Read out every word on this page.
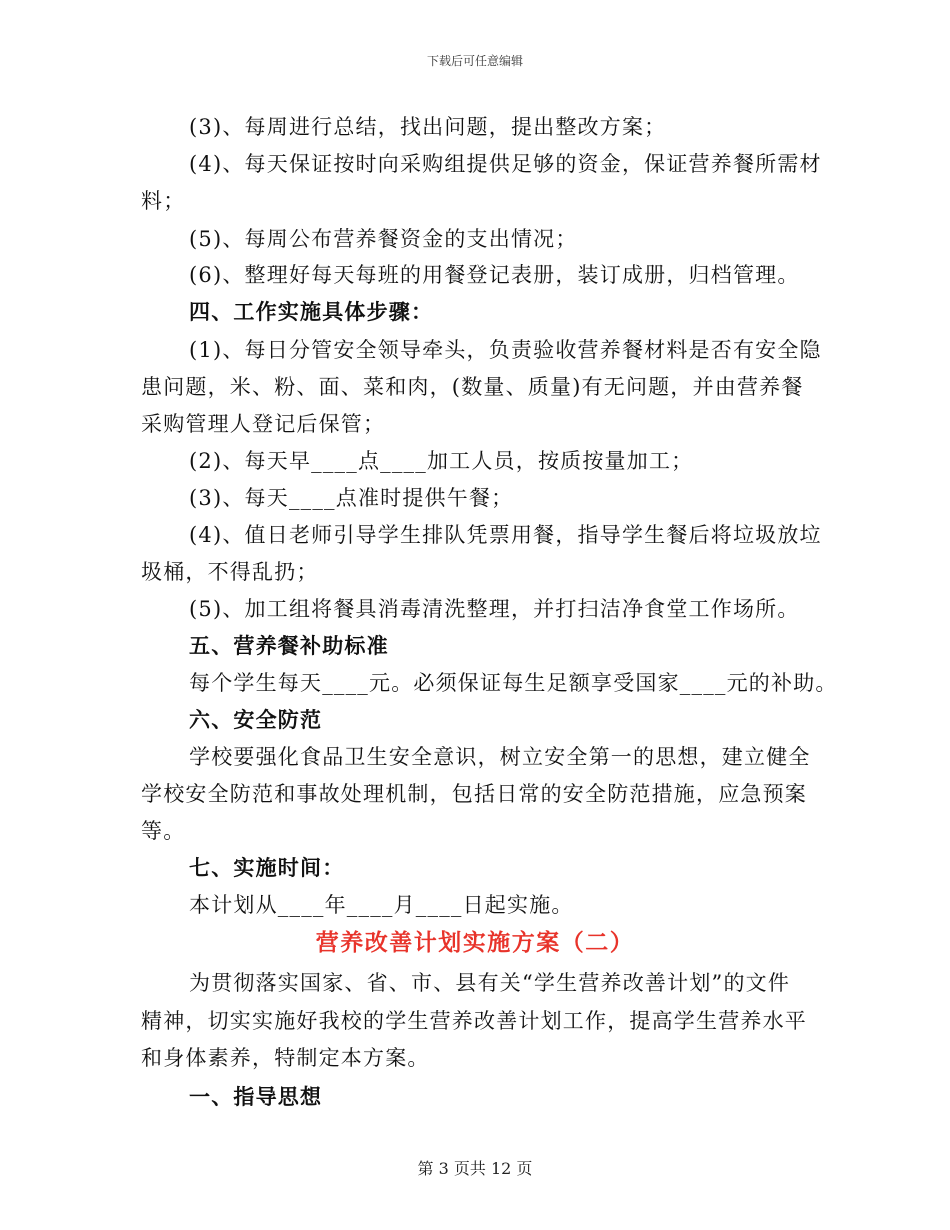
下载后可任意编辑
(3)、每周进行总结，找出问题，提出整改方案；
(4)、每天保证按时向采购组提供足够的资金，保证营养餐所需材
料；
(5)、每周公布营养餐资金的支出情况；
(6)、整理好每天每班的用餐登记表册，装订成册，归档管理。
四、工作实施具体步骤：
(1)、每日分管安全领导牵头，负责验收营养餐材料是否有安全隐
患问题，米、粉、面、菜和肉，(数量、质量)有无问题，并由营养餐
采购管理人登记后保管；
(2)、每天早____点____加工人员，按质按量加工；
(3)、每天____点准时提供午餐；
(4)、值日老师引导学生排队凭票用餐，指导学生餐后将垃圾放垃
圾桶，不得乱扔；
(5)、加工组将餐具消毒清洗整理，并打扫洁净食堂工作场所。
五、营养餐补助标准
每个学生每天____元。必须保证每生足额享受国家____元的补助。
六、安全防范
学校要强化食品卫生安全意识，树立安全第一的思想，建立健全
学校安全防范和事故处理机制，包括日常的安全防范措施，应急预案
等。
七、实施时间：
本计划从____年____月____日起实施。
营养改善计划实施方案（二）
为贯彻落实国家、省、市、县有关“学生营养改善计划”的文件
精神，切实实施好我校的学生营养改善计划工作，提高学生营养水平
和身体素养，特制定本方案。
一、指导思想
第 3 页共 12 页
